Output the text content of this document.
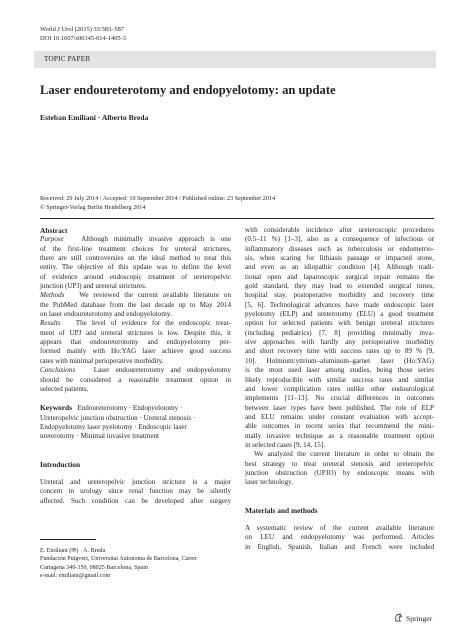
World J Urol (2015) 33:583–587
DOI 10.1007/s00345-014-1405-3
TOPIC PAPER
Laser endoureterotomy and endopyelotomy: an update
Esteban Emiliani · Alberto Breda
Received: 29 July 2014 / Accepted: 10 September 2014 / Published online: 23 September 2014
© Springer-Verlag Berlin Heidelberg 2014

Abstract

Purpose Although minimally invasive approach is one

of the first-line treatment choices for ureteral strictures,

there are still controversies on the ideal method to treat this

entity. The objective of this update was to define the level

of evidence around endoscopic treatment of ureteropelvic

junction (UPJ) and ureteral strictures.

Methods We reviewed the current available literature on

the PubMed database from the last decade up to May 2014

on laser endoureterotomy and endopyelotomy.

Results The level of evidence for the endoscopic treat-

ment of UPJ and ureteral strictures is low. Despite this, it

appears that endoureterotomy and endopyelotomy per-

formed mainly with Ho:YAG laser achieve good success

rates with minimal perioperative morbidity.

Conclusions	Laser endoureterotomy and endopyelotomy

should be considered a reasonable treatment option in

selected patients.

Keywords Endoureterotomy · Endopyelotomy ·

Ureteropelvic junction obstruction · Ureteral stenosis ·

Endopyelotomy laser pyelotomy · Endoscopic laser

ureterotomy · Minimal invasive treatment

Introduction

Ureteral and ureteropelvic junction stricture is a major

concern in urology since renal function may be silently

affected. Such condition can be developed after surgery

E. Emiliani (✉) · A. Breda
Fundación Puigvert, Universitat Autonoma de Barcelona, Carrer
Cartagena 340-350, 08025 Barcelona, Spain
e-mail: emiliani@gmail.com

with considerable incidence after ureteroscopic procedures

(0.5–11 %) [1–3], also as a consequence of infectious or

inflammatory diseases such as tuberculosis or endometrio-

sis, when scaring for lithiasis passage or impacted stone,

and even as an idiopathic condition [4]. Although tradi-

tional open and laparoscopic surgical repair remains the

gold standard, they may lead to extended surgical times,

hospital stay, postoperative morbidity and recovery time

[5, 6]. Technological advances have made endoscopic laser

pyelotomy (ELP) and ureterotomy (ELU) a good treatment

option for selected patients with benign ureteral strictures

(including pediatrics) [7, 8] providing minimally inva-

sive approaches with hardly any perioperative morbidity

and short recovery time with success rates up to 89 % [9,

10]. Holmium:yttrium–aluminum–garnet laser (Ho:YAG)

is the most used laser among studies, being those series

likely reproducible with similar success rates and similar

and lower complication rates unlike other endourological

implements [11–13]. No crucial differences in outcomes

between laser types have been published. The role of ELP

and ELU remains under constant evaluation with accept-

able outcomes in recent series that recommend the mini-

mally invasive technique as a reasonable treatment option

in selected cases [9, 14, 15].

We analyzed the current literature in order to obtain the

best strategy to treat ureteral stenosis and ureteropelvic

junction obstruction (UPJO) by endoscopic means with

laser technology.

Materials and methods

A systematic review of the current available literature

on LEU and endopyelotomy was performed. Articles

in English, Spanish, Italian and French were included

Springer
